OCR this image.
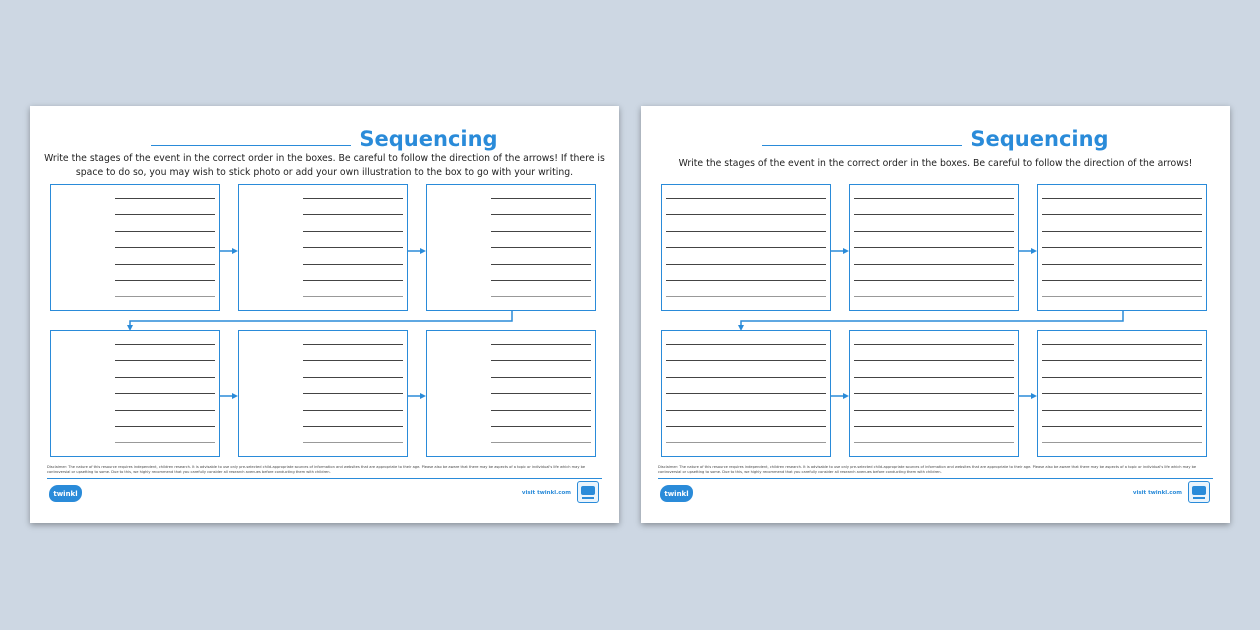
Sequencing
Write the stages of the event in the correct order in the boxes. Be careful to follow the direction of the arrows! If there is space to do so, you may wish to stick photo or add your own illustration to the box to go with your writing.
Disclaimer: The nature of this resource requires independent, children research. It is advisable to use only pre-selected child-appropriate sources of information and websites that are appropriate to their age. Please also be aware that there may be aspects of a topic or individual's life which may be controversial or upsetting to some. Due to this, we highly recommend that you carefully consider all research avenues before conducting them with children.
twinkl	visit twinkl.com
Sequencing
Write the stages of the event in the correct order in the boxes. Be careful to follow the direction of the arrows!
Disclaimer: The nature of this resource requires independent, children research. It is advisable to use only pre-selected child-appropriate sources of information and websites that are appropriate to their age. Please also be aware that there may be aspects of a topic or individual's life which may be controversial or upsetting to some. Due to this, we highly recommend that you carefully consider all research avenues before conducting them with children.
twinkl	visit twinkl.com
